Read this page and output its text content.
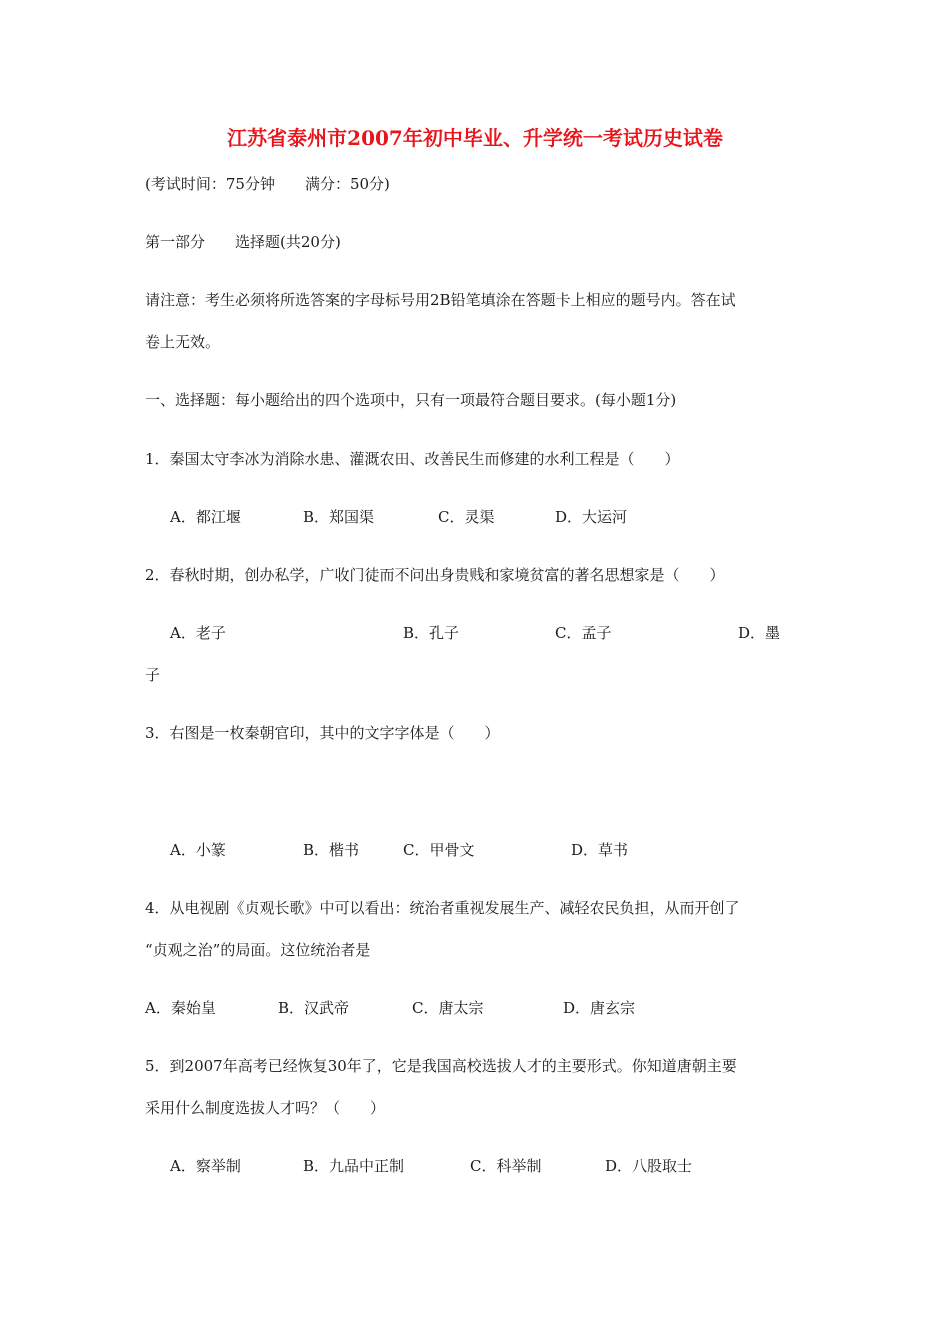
江苏省泰州市2007年初中毕业、升学统一考试历史试卷
(考试时间：75分钟　　满分：50分)
第一部分　　选择题(共20分)
请注意：考生必须将所选答案的字母标号用2B铅笔填涂在答题卡上相应的题号内。答在试
卷上无效。
一、选择题：每小题给出的四个选项中，只有一项最符合题目要求。(每小题1分)
1．秦国太守李冰为消除水患、灌溉农田、改善民生而修建的水利工程是（　　）
A．都江堰	B．郑国渠	C．灵渠	D．大运河
2．春秋时期，创办私学，广收门徒而不问出身贵贱和家境贫富的著名思想家是（　　）
A．老子	B．孔子	C．孟子	D．墨
子
3．右图是一枚秦朝官印，其中的文字字体是（　　）
A．小篆	B．楷书	C．甲骨文	D．草书
4．从电视剧《贞观长歌》中可以看出：统治者重视发展生产、减轻农民负担，从而开创了
“贞观之治”的局面。这位统治者是
A．秦始皇	B．汉武帝	C．唐太宗	D．唐玄宗
5．到2007年高考已经恢复30年了，它是我国高校选拔人才的主要形式。你知道唐朝主要
采用什么制度选拔人才吗？（　　）
A．察举制	B．九品中正制	C．科举制	D．八股取士
